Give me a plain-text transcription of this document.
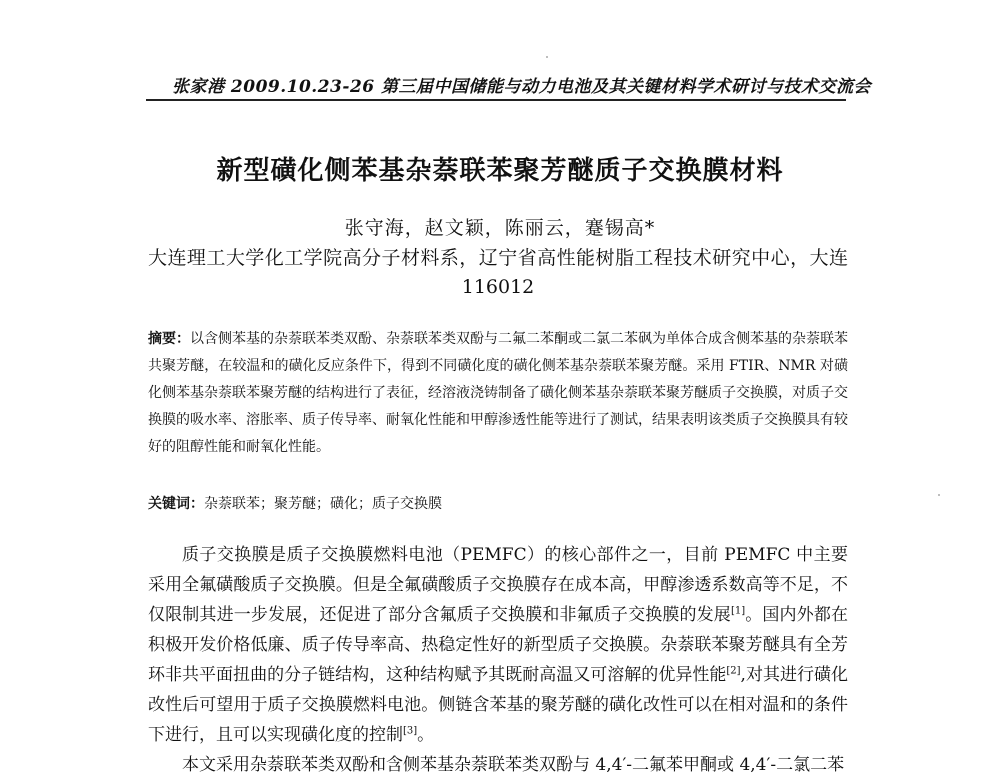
张家港 2009.10.23-26 第三届中国储能与动力电池及其关键材料学术研讨与技术交流会
新型磺化侧苯基杂萘联苯聚芳醚质子交换膜材料
张守海，赵文颖，陈丽云，蹇锡高*
大连理工大学化工学院高分子材料系，辽宁省高性能树脂工程技术研究中心，大连 116012
摘要：以含侧苯基的杂萘联苯类双酚、杂萘联苯类双酚与二氟二苯酮或二氯二苯砜为单体合成含侧苯基的杂萘联苯共聚芳醚，在较温和的磺化反应条件下，得到不同磺化度的磺化侧苯基杂萘联苯聚芳醚。采用 FTIR、NMR 对磺化侧苯基杂萘联苯聚芳醚的结构进行了表征，经溶液浇铸制备了磺化侧苯基杂萘联苯聚芳醚质子交换膜，对质子交换膜的吸水率、溶胀率、质子传导率、耐氧化性能和甲醇渗透性能等进行了测试，结果表明该类质子交换膜具有较好的阻醇性能和耐氧化性能。
关键词：杂萘联苯；聚芳醚；磺化；质子交换膜

质子交换膜是质子交换膜燃料电池（PEMFC）的核心部件之一，目前 PEMFC 中主要采用全氟磺酸质子交换膜。但是全氟磺酸质子交换膜存在成本高，甲醇渗透系数高等不足，不仅限制其进一步发展，还促进了部分含氟质子交换膜和非氟质子交换膜的发展[1]。国内外都在积极开发价格低廉、质子传导率高、热稳定性好的新型质子交换膜。杂萘联苯聚芳醚具有全芳环非共平面扭曲的分子链结构，这种结构赋予其既耐高温又可溶解的优异性能[2],对其进行磺化改性后可望用于质子交换膜燃料电池。侧链含苯基的聚芳醚的磺化改性可以在相对温和的条件下进行，且可以实现磺化度的控制[3]。

本文采用杂萘联苯类双酚和含侧苯基杂萘联苯类双酚与 4,4′-二氟苯甲酮或 4,4′-二氯二苯
